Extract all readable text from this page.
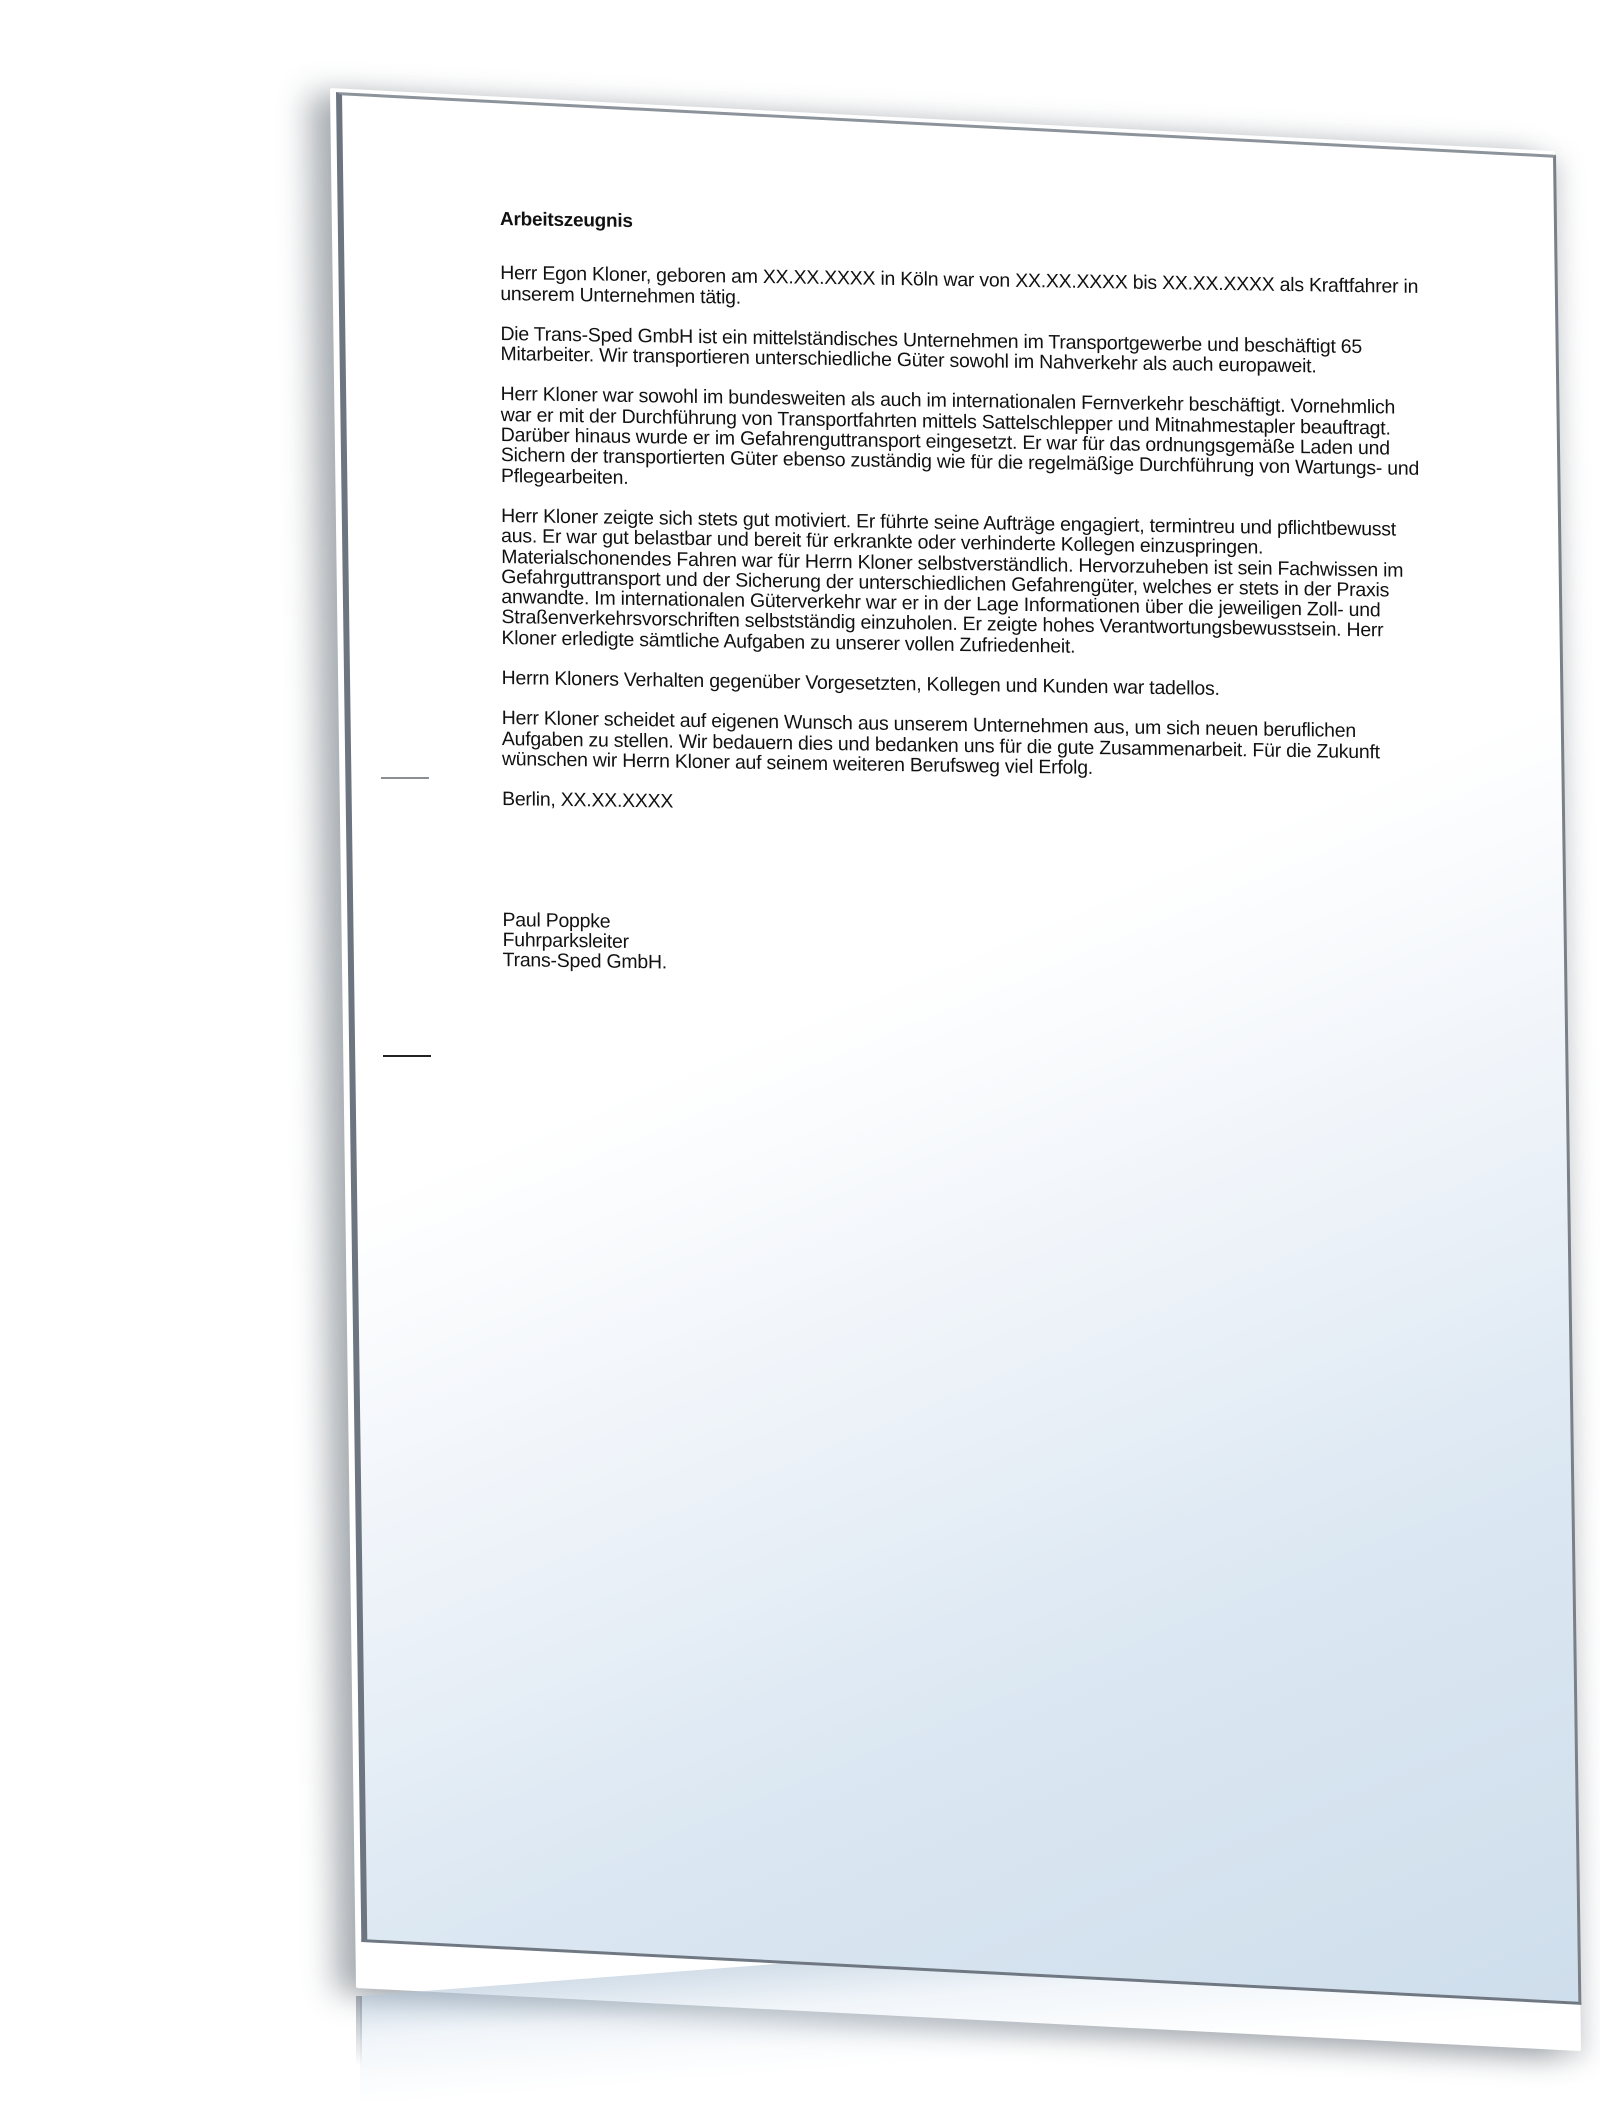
Arbeitszeugnis

Herr Egon Kloner, geboren am XX.XX.XXXX in Köln war von XX.XX.XXXX bis XX.XX.XXXX als Kraftfahrer in unserem Unternehmen tätig.

Die Trans-Sped GmbH ist ein mittelständisches Unternehmen im Transportgewerbe und beschäftigt 65 Mitarbeiter. Wir transportieren unterschiedliche Güter sowohl im Nahverkehr als auch europaweit.

Herr Kloner war sowohl im bundesweiten als auch im internationalen Fernverkehr beschäftigt. Vornehmlich war er mit der Durchführung von Transportfahrten mittels Sattelschlepper und Mitnahmestapler beauftragt. Darüber hinaus wurde er im Gefahrenguttransport eingesetzt. Er war für das ordnungsgemäße Laden und Sichern der transportierten Güter ebenso zuständig wie für die regelmäßige Durchführung von Wartungs- und Pflegearbeiten.

Herr Kloner zeigte sich stets gut motiviert. Er führte seine Aufträge engagiert, termintreu und pflichtbewusst aus. Er war gut belastbar und bereit für erkrankte oder verhinderte Kollegen einzuspringen. Materialschonendes Fahren war für Herrn Kloner selbstverständlich. Hervorzuheben ist sein Fachwissen im Gefahrguttransport und der Sicherung der unterschiedlichen Gefahrengüter, welches er stets in der Praxis anwandte. Im internationalen Güterverkehr war er in der Lage Informationen über die jeweiligen Zoll- und Straßenverkehrsvorschriften selbstständig einzuholen. Er zeigte hohes Verantwortungsbewusstsein. Herr Kloner erledigte sämtliche Aufgaben zu unserer vollen Zufriedenheit.

Herrn Kloners Verhalten gegenüber Vorgesetzten, Kollegen und Kunden war tadellos.

Herr Kloner scheidet auf eigenen Wunsch aus unserem Unternehmen aus, um sich neuen beruflichen Aufgaben zu stellen. Wir bedauern dies und bedanken uns für die gute Zusammenarbeit. Für die Zukunft wünschen wir Herrn Kloner auf seinem weiteren Berufsweg viel Erfolg.

Berlin, XX.XX.XXXX

Paul Poppke
Fuhrparksleiter
Trans-Sped GmbH.
